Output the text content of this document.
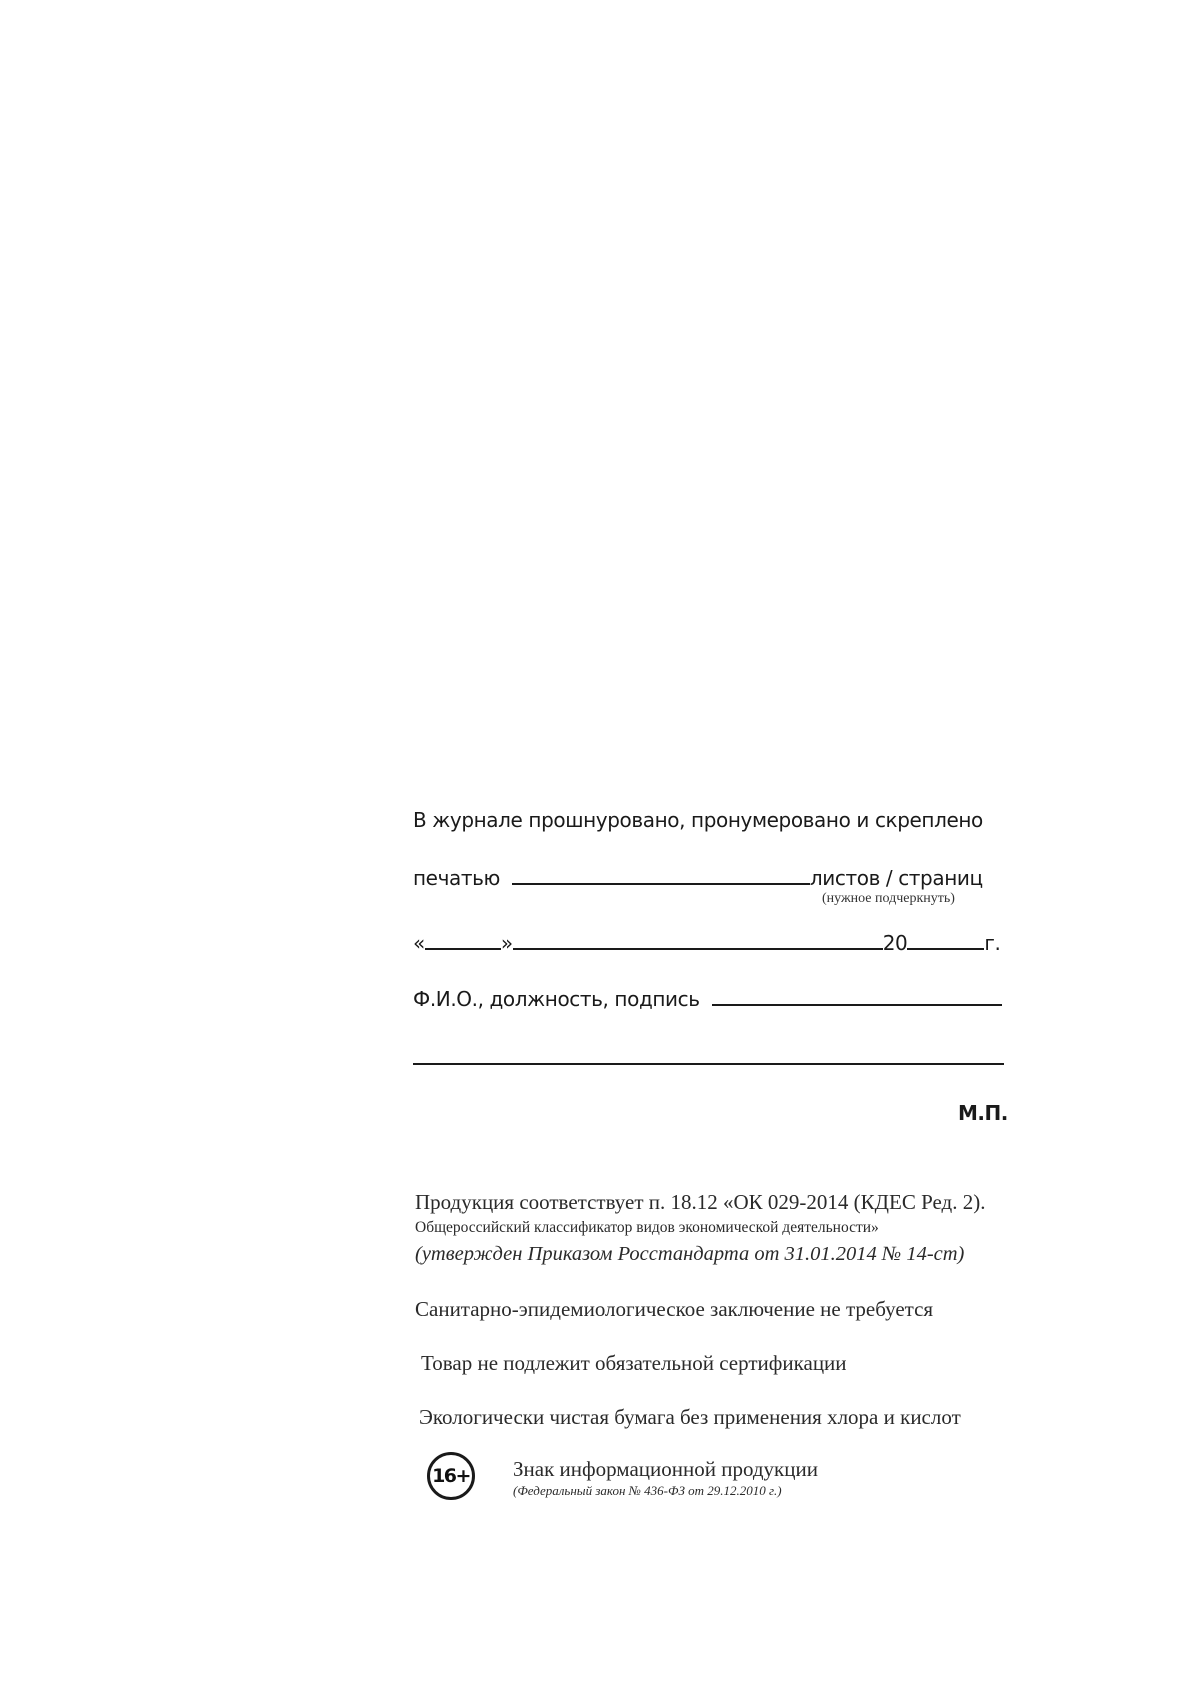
В журнале прошнуровано, пронумеровано и скреплено
печатью	листов / страниц
(нужное подчеркнуть)
«	»	20	г.
Ф.И.О., должность, подпись
М.П.
Продукция соответствует п. 18.12 «ОК 029-2014 (КДЕС Ред. 2).
Общероссийский классификатор видов экономической деятельности»
(утвержден Приказом Росстандарта от 31.01.2014 № 14-ст)
Санитарно-эпидемиологическое заключение не требуется
Товар не подлежит обязательной сертификации
Экологически чистая бумага без применения хлора и кислот
16+ Знак информационной продукции
(Федеральный закон № 436-ФЗ от 29.12.2010 г.)
